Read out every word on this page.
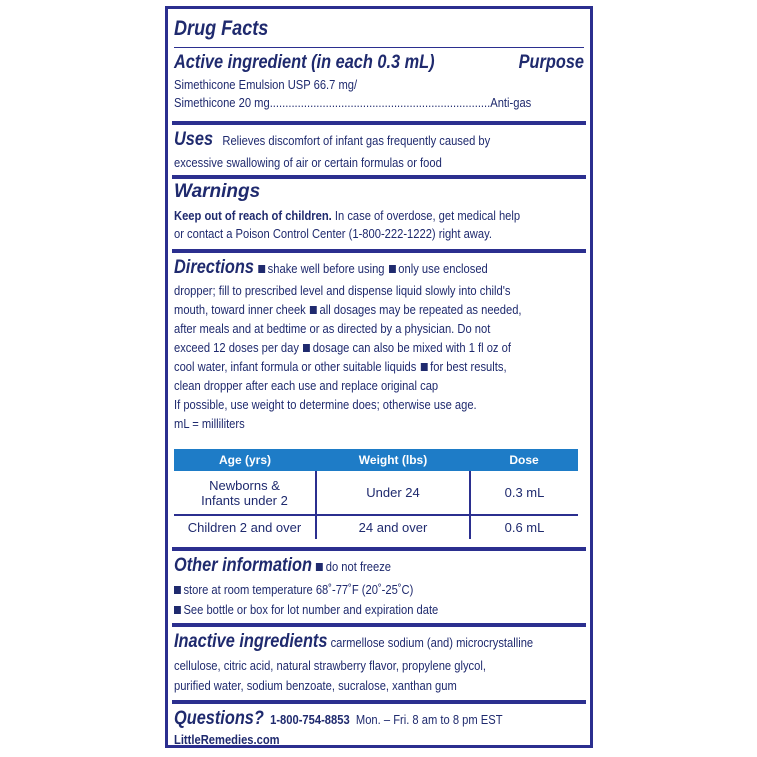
Drug Facts
Active ingredient (in each 0.3 mL)	Purpose
Simethicone Emulsion USP 66.7 mg/
Simethicone 20 mg.......................................................................Anti-gas
Uses Relieves discomfort of infant gas frequently caused by
excessive swallowing of air or certain formulas or food
Warnings
Keep out of reach of children. In case of overdose, get medical help
or contact a Poison Control Center (1-800-222-1222) right away.
Directions shake well before using only use enclosed
dropper; fill to prescribed level and dispense liquid slowly into child's
mouth, toward inner cheek all dosages may be repeated as needed,
after meals and at bedtime or as directed by a physician. Do not
exceed 12 doses per day dosage can also be mixed with 1 fl oz of
cool water, infant formula or other suitable liquids for best results,
clean dropper after each use and replace original cap
If possible, use weight to determine does; otherwise use age.
mL = milliliters
Age (yrs)	Weight (lbs)	Dose

Newborns &
Infants under 2	Under 24	0.3 mL
Children 2 and over	24 and over	0.6 mL
Other information do not freeze
store at room temperature 68˚-77˚F (20˚-25˚C)
See bottle or box for lot number and expiration date
Inactive ingredients carmellose sodium (and) microcrystalline
cellulose, citric acid, natural strawberry flavor, propylene glycol,
purified water, sodium benzoate, sucralose, xanthan gum
Questions? 1-800-754-8853 Mon. – Fri. 8 am to 8 pm EST
LittleRemedies.com
